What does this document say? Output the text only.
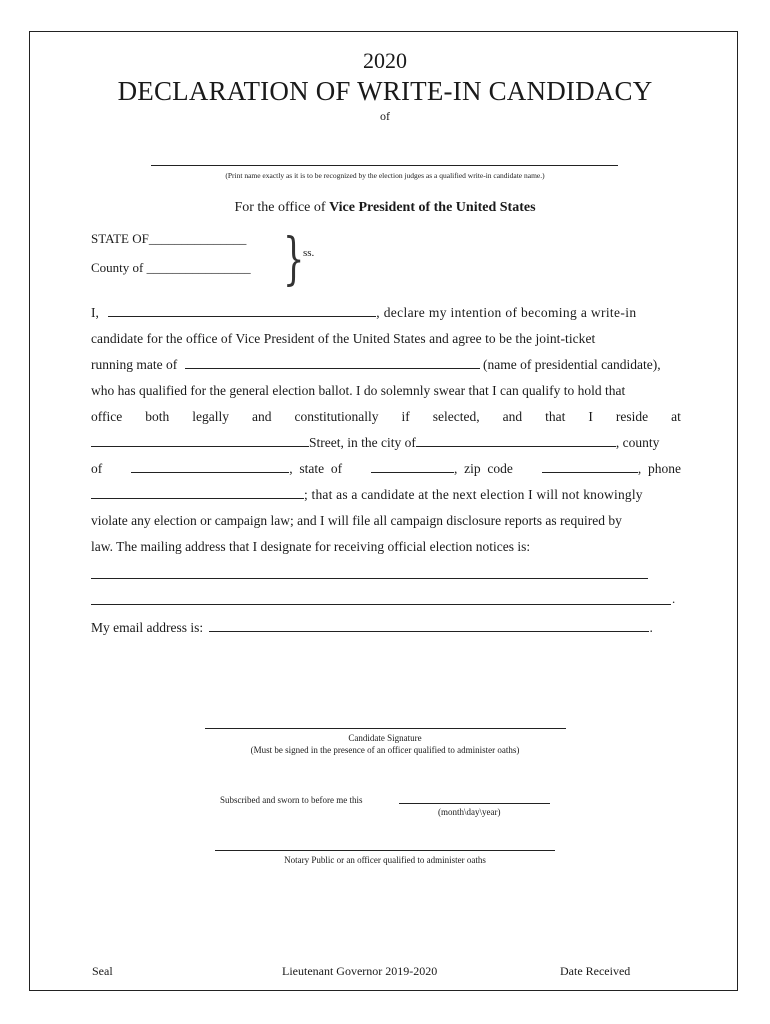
2020
DECLARATION OF WRITE-IN CANDIDACY
of
(Print name exactly as it is to be recognized by the election judges as a qualified write-in candidate name.)
For the office of Vice President of the United States
STATE OF_______________
County of ________________ }
ss.
I,	, declare my intention of becoming a write-in
candidate for the office of Vice President of the United States and agree to be the joint-ticket
running mate of	(name of presidential candidate),
who has qualified for the general election ballot. I do solemnly swear that I can qualify to hold that
office both legally and constitutionally if selected, and that I reside at
Street, in the city of	, county
of	,  state  of	,  zip  code	,  phone
; that as a candidate at the next election I will not knowingly
violate any election or campaign law; and I will file all campaign disclosure reports as required by
law. The mailing address that I designate for receiving official election notices is:
.
My email address is:	.
Candidate Signature
(Must be signed in the presence of an officer qualified to administer oaths)
Subscribed and sworn to before me this
(month\day\year)
Notary Public or an officer qualified to administer oaths
Seal	Lieutenant Governor 2019-2020	Date Received
